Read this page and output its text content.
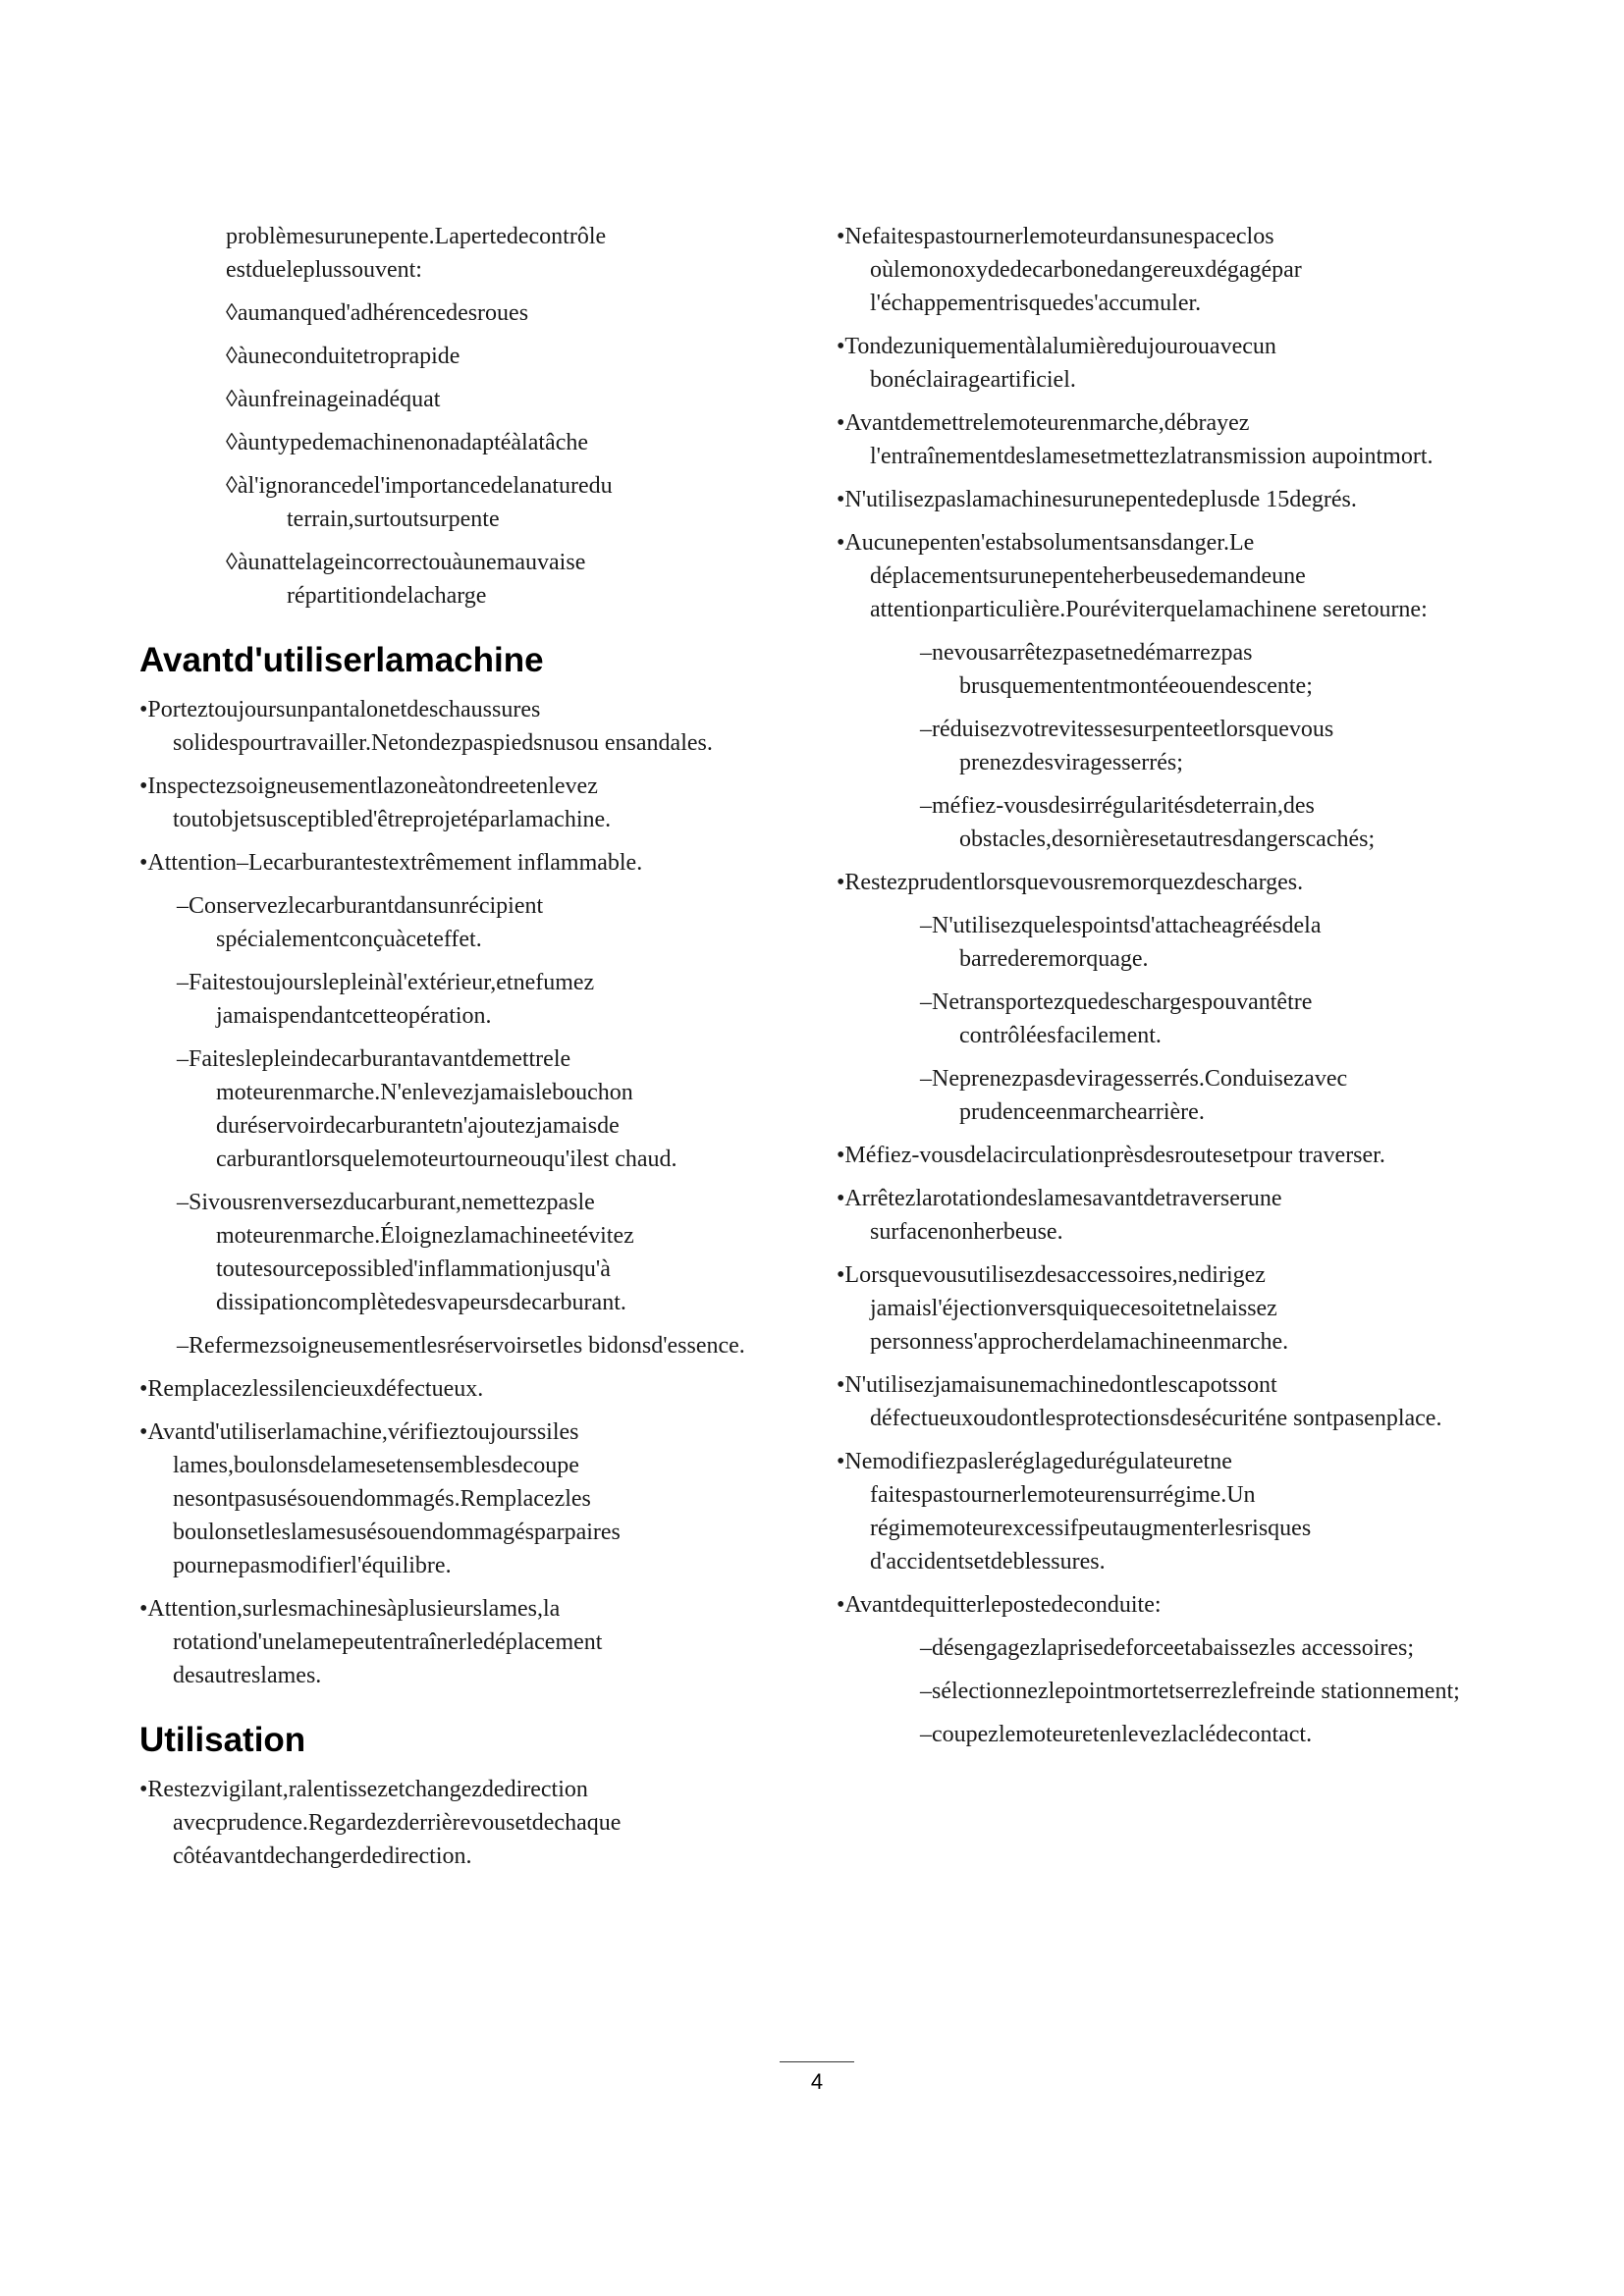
problèmesurunepente.Lapertedecontrôle
estdueleplussouvent:
◊aumanqued'adhérencedesroues
◊àuneconduitetroprapide
◊àunfreinageinadéquat
◊àuntypedemachinenonadaptéàlatâche
◊àl'ignorancedel'importancedelanaturedu terrain,surtoutsurpente
◊àunattelageincorrectouàunemauvaise répartitiondelacharge
Avantd'utiliserlamachine
•Porteztoujoursunpantalonetdeschaussures solidespourtravailler.Netondezpaspiedsnusou ensandales.
•Inspectezsoigneusementlazoneàtondreetenlevez toutobjetsusceptibled'êtreprojetéparlamachine.
•Attention–Lecarburantestextrêmement inflammable.
–Conservezlecarburantdansunrécipient spécialementconçuàceteffet.
–Faitestoujourslepleinàl'extérieur,etnefumez jamaispendantcetteopération.
–Faiteslepleindecarburantavantdemettrele moteurenmarche.N'enlevezjamaislebouchon duréservoirdecarburantetn'ajoutezjamaisde carburantlorsquelemoteurtourneouqu'ilest chaud.
–Sivousrenversezducarburant,nemettezpasle moteurenmarche.Éloignezlamachineetévitez toutesourcepossibled'inflammationjusqu'à dissipationcomplètedesvapeursdecarburant.
–Refermezsoigneusementlesréservoirsetles bidonsd'essence.
•Remplacezlessilencieuxdéfectueux.
•Avantd'utiliserlamachine,vérifieztoujourssiles lames,boulonsdelamesetensemblesdecoupe nesontpasusésouendommagés.Remplacezles boulonsetleslamesusésouendommagésparpaires pournepasmodifierl'équilibre.
•Attention,surlesmachinesàplusieurslames,la rotationd'unelamepeutentraînerledéplacement desautreslames.
Utilisation
•Restezvigilant,ralentissezetchangezdedirection avecprudence.Regardezderrièrevousetdechaque côtéavantdechangerdedirection.
•Nefaitespastournerlemoteurdansunespaceclos oùlemonoxydedecarbonedangereuxdégagépar l'échappementrisquedes'accumuler.
•Tondezuniquementàlalumièredujourouavecun bonéclairageartificiel.
•Avantdemettrelemoteurenmarche,débrayez l'entraînementdeslamesetmettezlatransmission aupointmort.
•N'utilisezpaslamachinesurunepentedeplusde 15degrés.
•Aucunepenten'estabsolumentsansdanger.Le déplacementsurunepenteherbeusedemandeune attentionparticulière.Pouréviterquelamachinene seretourne:
–nevousarrêtezpasetnedémarrezpas brusquemententmontéeouendescente;
–réduisezvotrevitessesurpenteetlorsquevous prenezdesviragesserrés;
–méfiez-vousdesirrégularitésdeterrain,des obstacles,desornièresetautresdangerscachés;
•Restezprudentlorsquevousremorquezdescharges.
–N'utilisezquelespointsd'attacheagréésdela barrederemorquage.
–Netransportezquedeschargespouvantêtre contrôléesfacilement.
–Neprenezpasdeviragesserrés.Conduisezavec prudenceenmarchearrière.
•Méfiez-vousdelacirculationprèsdesroutesetpour traverser.
•Arrêtezlarotationdeslamesavantdetraverserune surfacenonherbeuse.
•Lorsquevousutilisezdesaccessoires,nedirigez jamaisl'éjectionversquiquecesoitetnelaissez personness'approcherdelamachineenmarche.
•N'utilisezjamaisunemachinedontlescapotssont défectueuxoudontlesprotectionsdesécuriténe sontpasenplace.
•Nemodifiezpasleréglagedurégulateuretne faitespastournerlemoteurensurrégime.Un régimemoteurexcessifpeutaugmenterlesrisques d'accidentsetdeblessures.
•Avantdequitterlepostedeconduite:
–désengagezlaprisedeforceetabaissezles accessoires;
–sélectionnezlepointmortetserrezlefreinde stationnement;
–coupezlemoteuretenlevezlaclédecontact.
4
